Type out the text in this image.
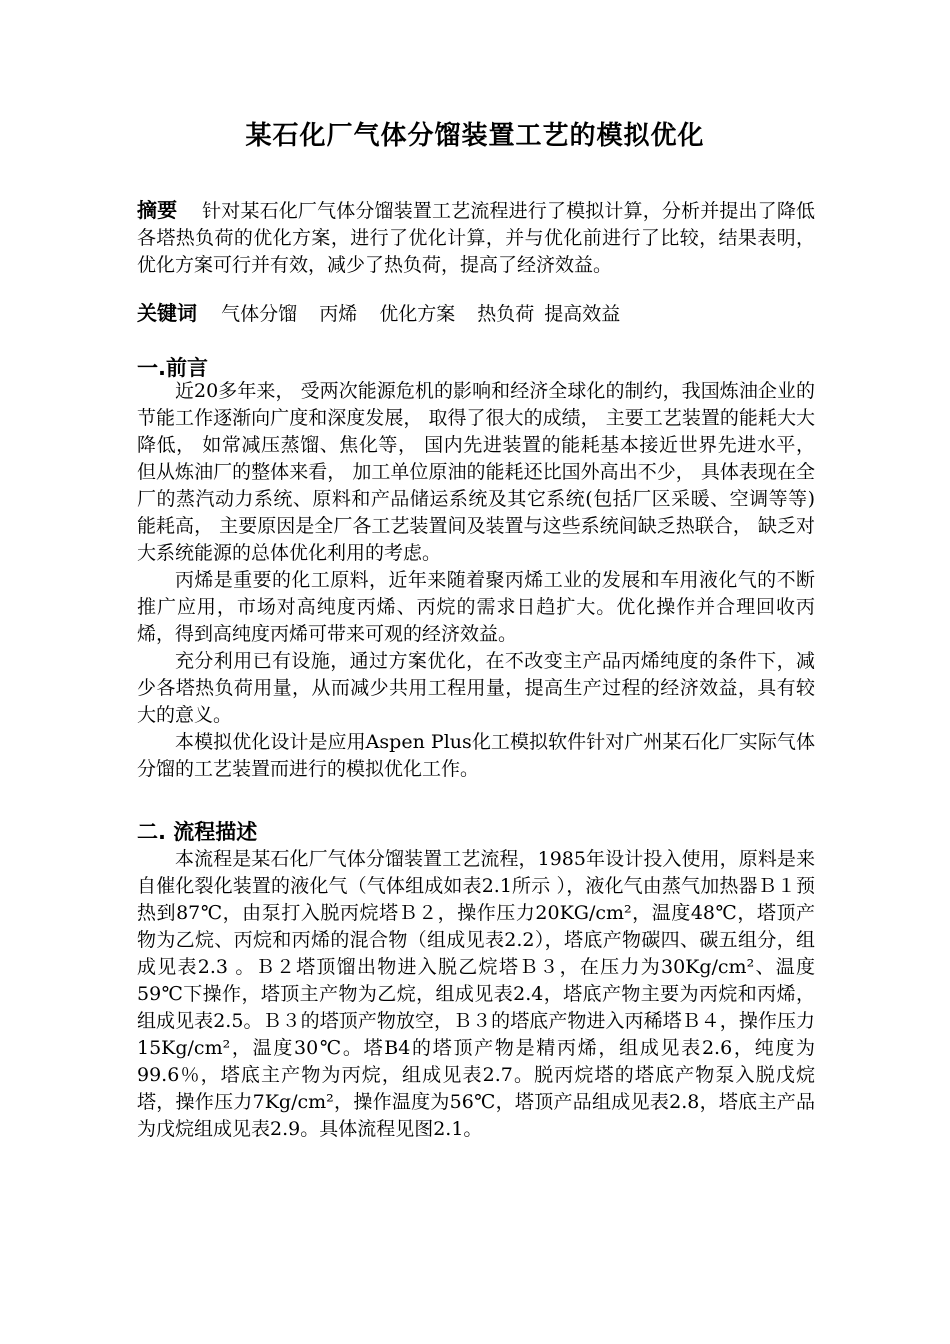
某石化厂气体分馏装置工艺的模拟优化

摘要 针对某石化厂气体分馏装置工艺流程进行了模拟计算，分析并提出了降低各塔热负荷的优化方案，进行了优化计算，并与优化前进行了比较，结果表明，优化方案可行并有效，减少了热负荷，提高了经济效益。

关键词 气体分馏 丙烯 优化方案 热负荷 提高效益
一.前言

近20多年来， 受两次能源危机的影响和经济全球化的制约，我国炼油企业的节能工作逐渐向广度和深度发展， 取得了很大的成绩， 主要工艺装置的能耗大大降低， 如常减压蒸馏、焦化等， 国内先进装置的能耗基本接近世界先进水平， 但从炼油厂的整体来看， 加工单位原油的能耗还比国外高出不少， 具体表现在全厂的蒸汽动力系统、原料和产品储运系统及其它系统(包括厂区采暖、空调等等)能耗高， 主要原因是全厂各工艺装置间及装置与这些系统间缺乏热联合， 缺乏对大系统能源的总体优化利用的考虑。

丙烯是重要的化工原料，近年来随着聚丙烯工业的发展和车用液化气的不断推广应用，市场对高纯度丙烯、丙烷的需求日趋扩大。优化操作并合理回收丙烯，得到高纯度丙烯可带来可观的经济效益。

充分利用已有设施，通过方案优化，在不改变主产品丙烯纯度的条件下，减少各塔热负荷用量，从而减少共用工程用量，提高生产过程的经济效益，具有较大的意义。

本模拟优化设计是应用Aspen Plus化工模拟软件针对广州某石化厂实际气体分馏的工艺装置而进行的模拟优化工作。

二. 流程描述

本流程是某石化厂气体分馏装置工艺流程，1985年设计投入使用，原料是来自催化裂化装置的液化气（气体组成如表2.1所示 ），液化气由蒸气加热器Ｂ１预热到87℃，由泵打入脱丙烷塔Ｂ２，操作压力20KG/cm²，温度48℃，塔顶产物为乙烷、丙烷和丙烯的混合物（组成见表2.2），塔底产物碳四、碳五组分，组成见表2.3 。Ｂ２塔顶馏出物进入脱乙烷塔Ｂ３，在压力为30Kg/cm²、温度59℃下操作，塔顶主产物为乙烷，组成见表2.4，塔底产物主要为丙烷和丙烯，组成见表2.5。Ｂ３的塔顶产物放空，Ｂ３的塔底产物进入丙稀塔Ｂ４，操作压力15Kg/cm²，温度30℃。塔B4的塔顶产物是精丙烯，组成见表2.6，纯度为99.6％，塔底主产物为丙烷，组成见表2.7。脱丙烷塔的塔底产物泵入脱戊烷塔，操作压力7Kg/cm²，操作温度为56℃，塔顶产品组成见表2.8，塔底主产品为戊烷组成见表2.9。具体流程见图2.1。
